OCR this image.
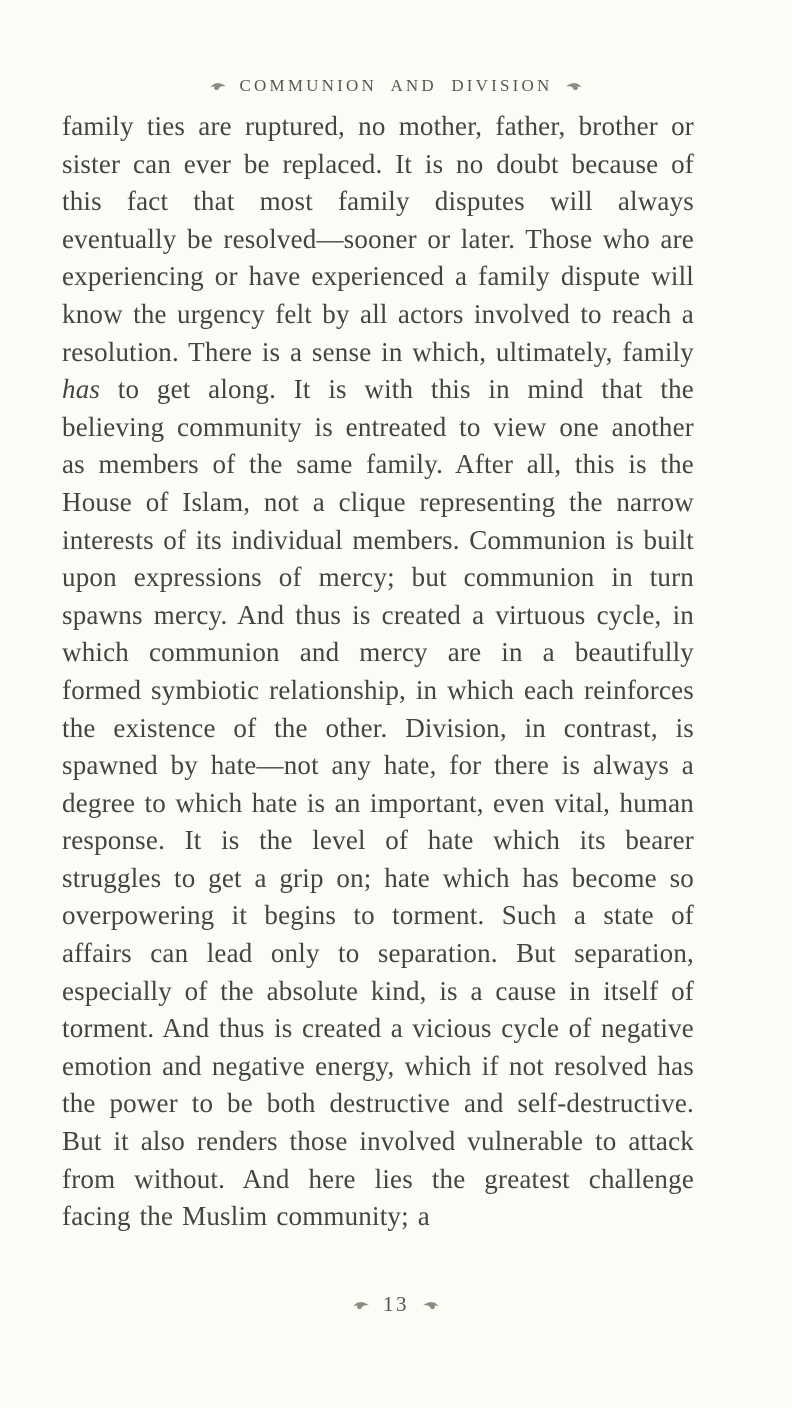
COMMUNION AND DIVISION

family ties are ruptured, no mother, father, brother or sister can ever be replaced. It is no doubt because of this fact that most family disputes will always eventually be resolved—sooner or later. Those who are experiencing or have experienced a family dispute will know the urgency felt by all actors involved to reach a resolution. There is a sense in which, ultimately, family has to get along. It is with this in mind that the believing community is entreated to view one another as members of the same family. After all, this is the House of Islam, not a clique representing the narrow interests of its individual members. Communion is built upon expressions of mercy; but communion in turn spawns mercy. And thus is created a virtuous cycle, in which communion and mercy are in a beautifully formed symbiotic relationship, in which each reinforces the existence of the other. Division, in contrast, is spawned by hate—not any hate, for there is always a degree to which hate is an important, even vital, human response. It is the level of hate which its bearer struggles to get a grip on; hate which has become so overpowering it begins to torment. Such a state of affairs can lead only to separation. But separation, especially of the absolute kind, is a cause in itself of torment. And thus is created a vicious cycle of negative emotion and negative energy, which if not resolved has the power to be both destructive and self-destructive. But it also renders those involved vulnerable to attack from without. And here lies the greatest challenge facing the Muslim community; a

13
